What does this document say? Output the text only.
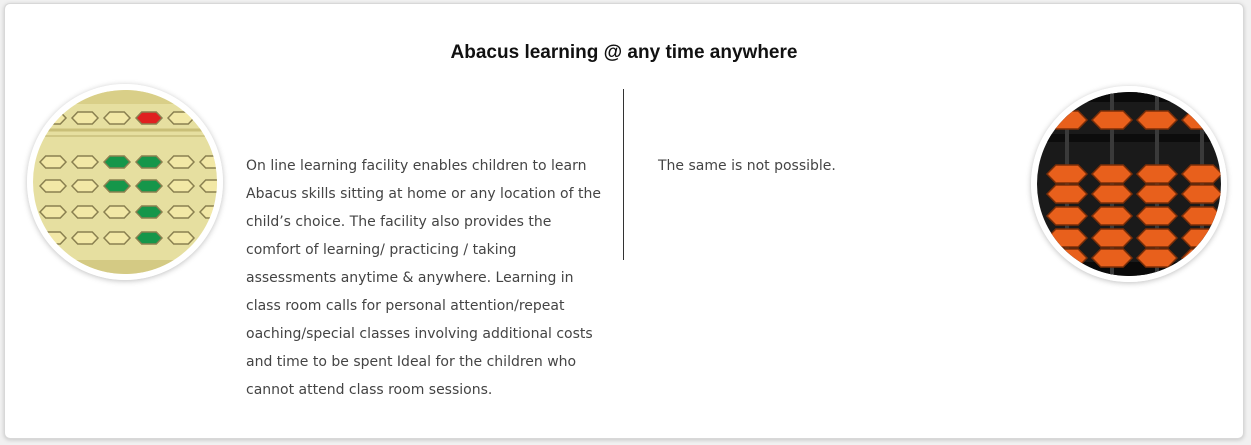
Abacus learning @ any time anywhere
On line learning facility enables children to learn Abacus skills sitting at home or any location of the child’s choice. The facility also provides the comfort of learning/ practicing / taking assessments anytime & anywhere. Learning in class room calls for personal attention/repeat oaching/special classes involving additional costs and time to be spent Ideal for the children who cannot attend class room sessions.
The same is not possible.
